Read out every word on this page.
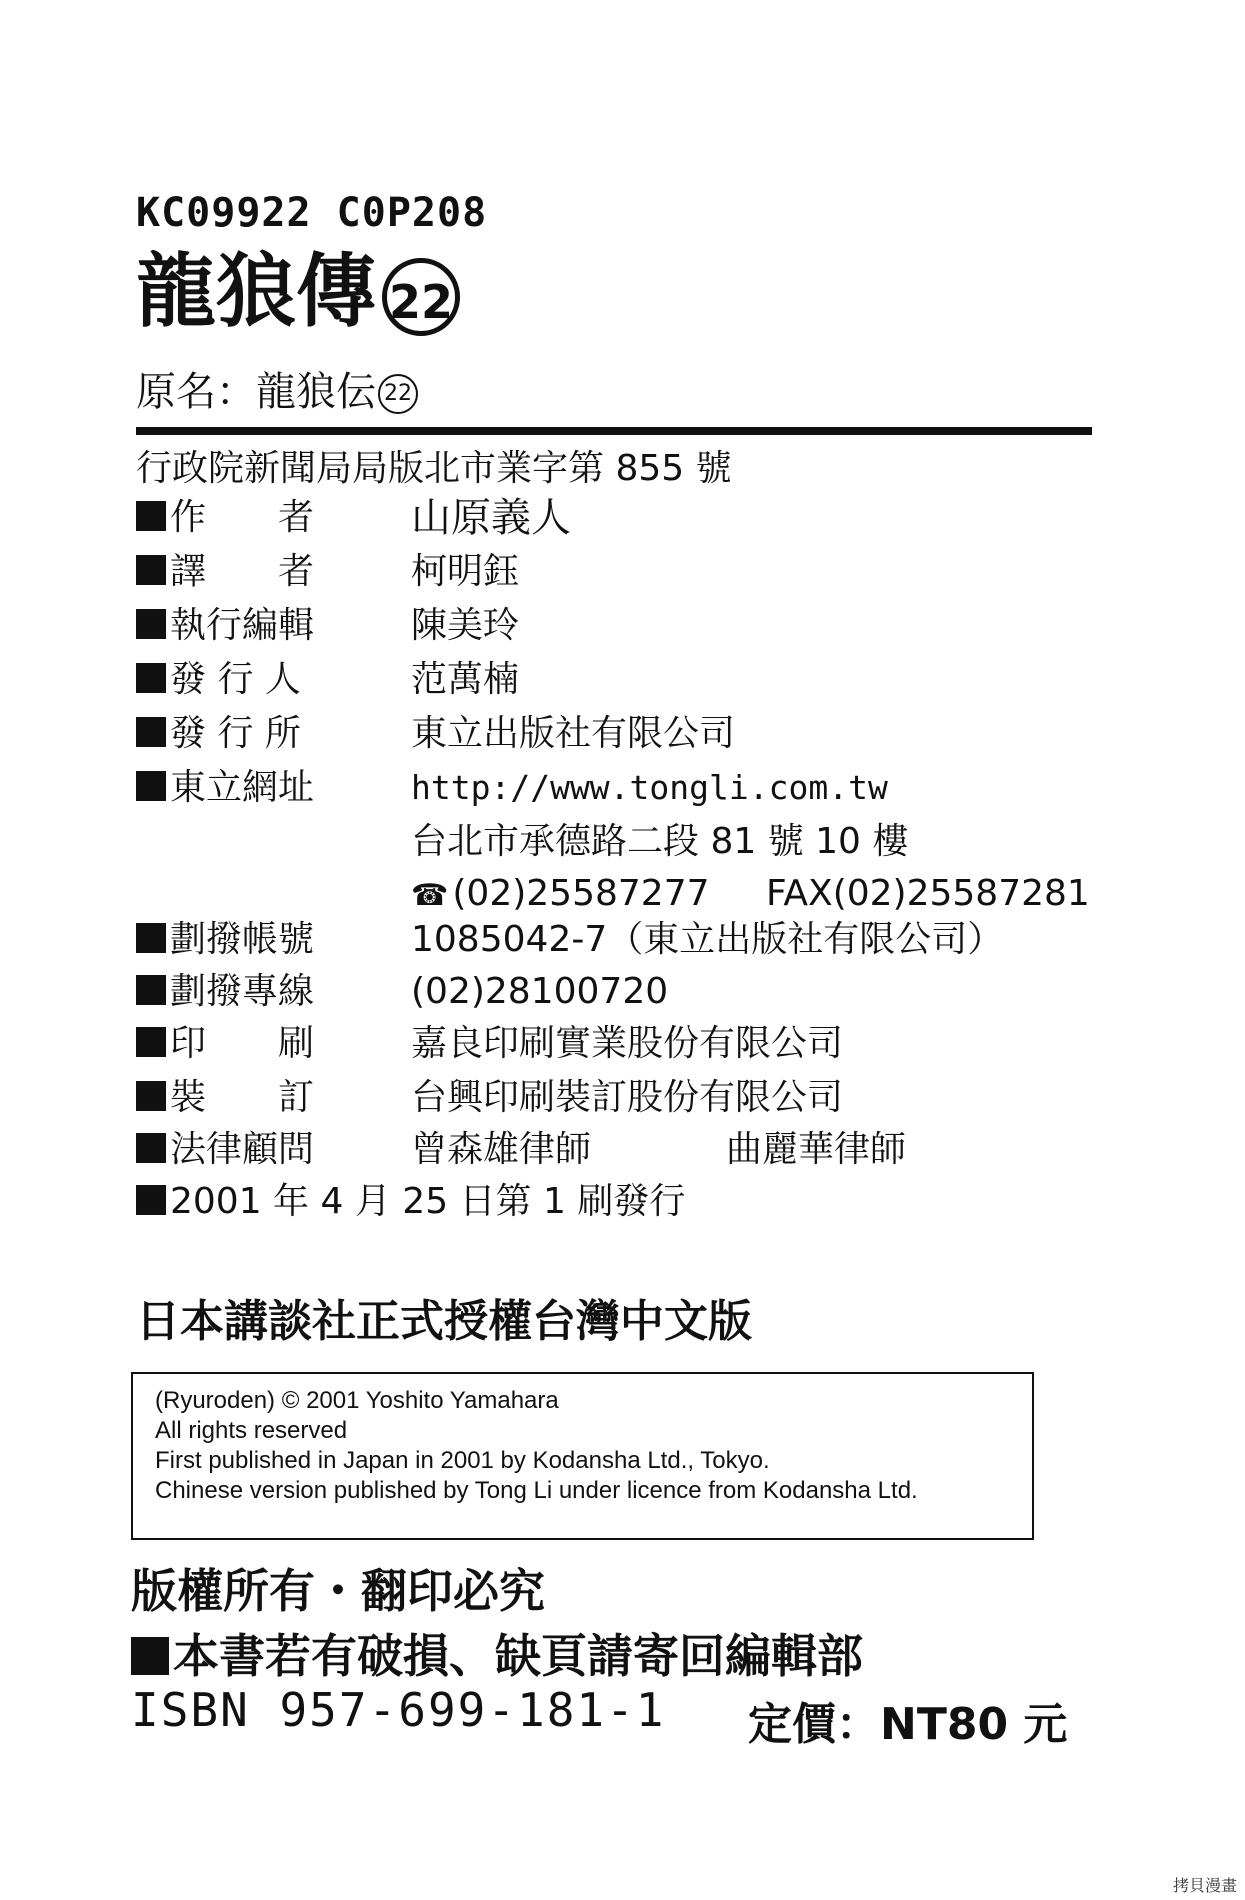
KC09922 C0P208
龍狼傳 22
原名：龍狼伝 22
行政院新聞局局版北市業字第 855 號
作　　者 山原義人
譯　　者	柯明鈺
執行編輯	陳美玲
發 行 人	范萬楠
發 行 所	東立出版社有限公司
東立網址	http://www.tongli.com.tw
台北市承德路二段 81 號 10 樓
☎ (02)25587277 FAX(02)25587281
劃撥帳號	1085042-7（東立出版社有限公司）
劃撥專線	(02)28100720
印　　刷	嘉良印刷實業股份有限公司
裝　　訂	台興印刷裝訂股份有限公司
法律顧問	曾森雄律師	曲麗華律師
2001 年 4 月 25 日第 1 刷發行
日本講談社正式授權台灣中文版
(Ryuroden) © 2001 Yoshito Yamahara
All rights reserved
First published in Japan in 2001 by Kodansha Ltd., Tokyo.
Chinese version published by Tong Li under licence from Kodansha Ltd.
版權所有・翻印必究
本書若有破損、缺頁請寄回編輯部
ISBN 957-699-181-1 定價：NT80 元
拷貝漫畫
